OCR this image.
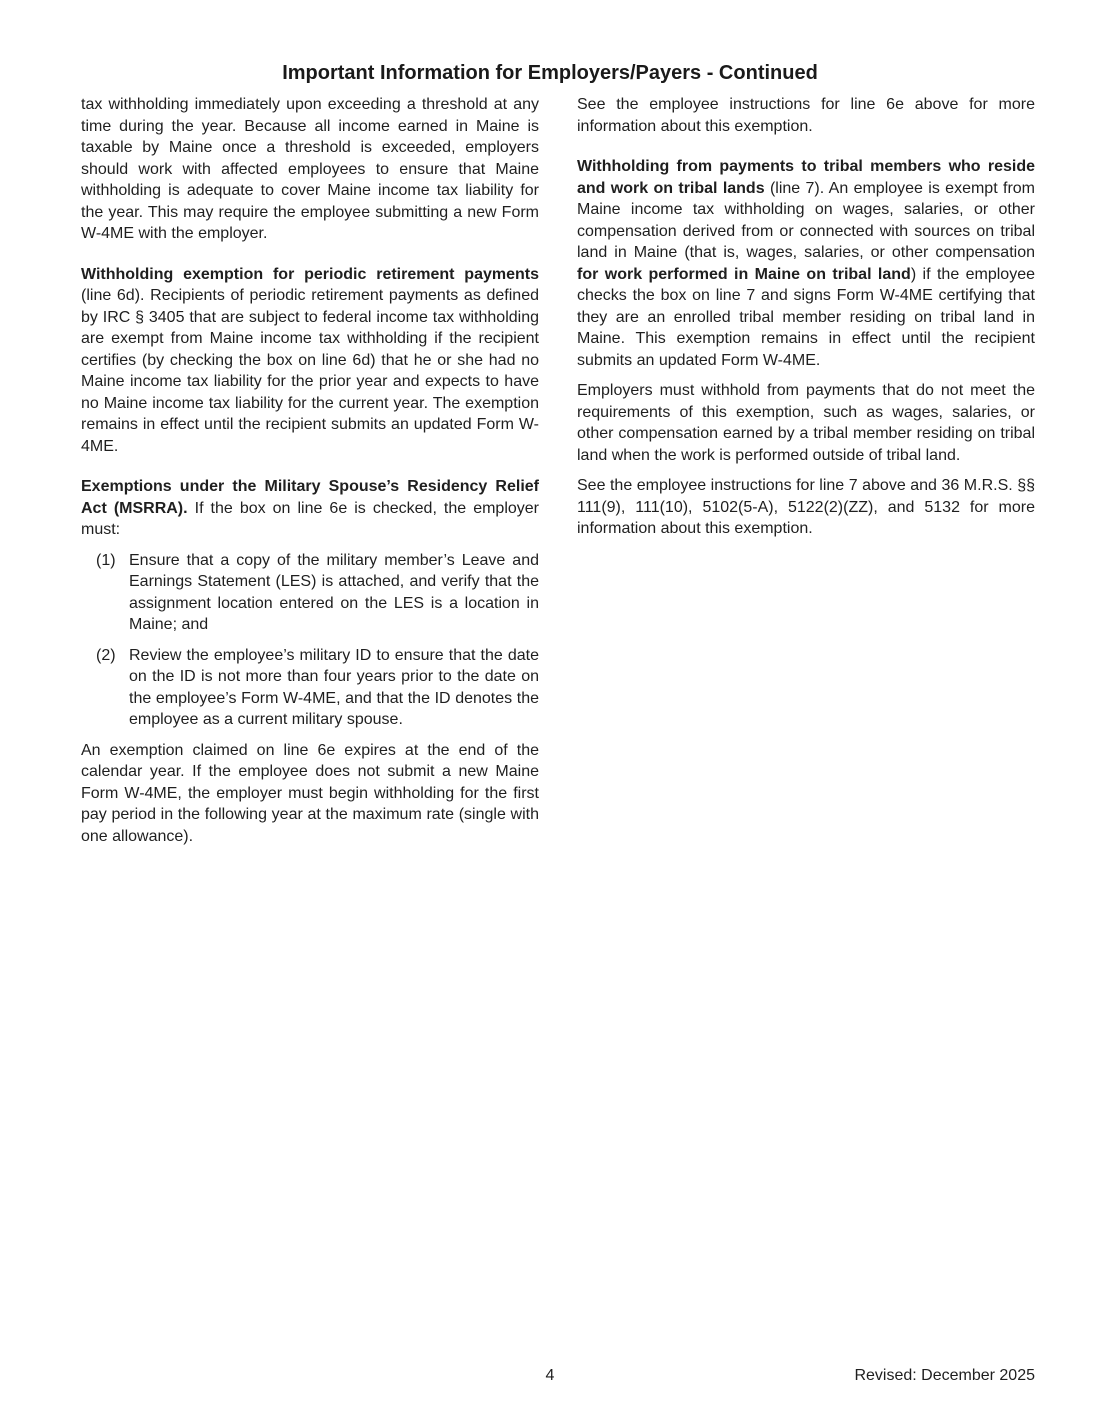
Important Information for Employers/Payers - Continued

tax withholding immediately upon exceeding a threshold at any time during the year. Because all income earned in Maine is taxable by Maine once a threshold is exceeded, employers should work with affected employees to ensure that Maine withholding is adequate to cover Maine income tax liability for the year. This may require the employee submitting a new Form W-4ME with the employer.

Withholding exemption for periodic retirement payments (line 6d). Recipients of periodic retirement payments as defined by IRC § 3405 that are subject to federal income tax withholding are exempt from Maine income tax withholding if the recipient certifies (by checking the box on line 6d) that he or she had no Maine income tax liability for the prior year and expects to have no Maine income tax liability for the current year. The exemption remains in effect until the recipient submits an updated Form W-4ME.

Exemptions under the Military Spouse’s Residency Relief Act (MSRRA). If the box on line 6e is checked, the employer must:

(1) Ensure that a copy of the military member’s Leave and Earnings Statement (LES) is attached, and verify that the assignment location entered on the LES is a location in Maine; and
(2) Review the employee’s military ID to ensure that the date on the ID is not more than four years prior to the date on the employee’s Form W-4ME, and that the ID denotes the employee as a current military spouse.

An exemption claimed on line 6e expires at the end of the calendar year. If the employee does not submit a new Maine Form W-4ME, the employer must begin withholding for the first pay period in the following year at the maximum rate (single with one allowance).

See the employee instructions for line 6e above for more information about this exemption.

Withholding from payments to tribal members who reside and work on tribal lands (line 7). An employee is exempt from Maine income tax withholding on wages, salaries, or other compensation derived from or connected with sources on tribal land in Maine (that is, wages, salaries, or other compensation for work performed in Maine on tribal land) if the employee checks the box on line 7 and signs Form W-4ME certifying that they are an enrolled tribal member residing on tribal land in Maine. This exemption remains in effect until the recipient submits an updated Form W-4ME.

Employers must withhold from payments that do not meet the requirements of this exemption, such as wages, salaries, or other compensation earned by a tribal member residing on tribal land when the work is performed outside of tribal land.

See the employee instructions for line 7 above and 36 M.R.S. §§ 111(9), 111(10), 5102(5-A), 5122(2)(ZZ), and 5132 for more information about this exemption.

4	Revised: December 2025
